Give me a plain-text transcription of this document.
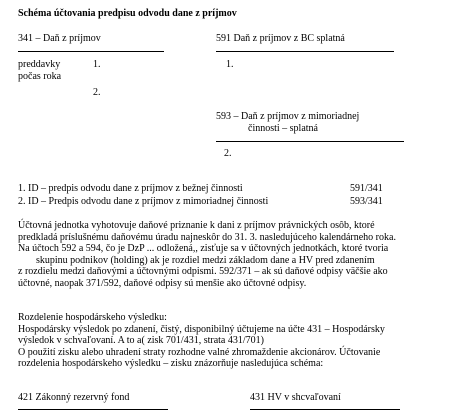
Schéma účtovania predpisu odvodu dane z príjmov
341 – Daň z príjmov
preddavky
počas roka
1.
2.
591 Daň z príjmov z BC splatná
1.
593 – Daň z príjmov z mimoriadnej
činnosti – splatná
2.
1. ID – predpis odvodu dane z príjmov z bežnej činnosti	591/341
2. ID – Predpis odvodu dane z príjmov z mimoriadnej činnosti	593/341
Účtovná jednotka vyhotovuje daňové priznanie k dani z príjmov právnických osôb, ktoré
predkladá príslušnému daňovému úradu najneskôr do 31. 3. nasledujúceho kalendárneho roka.
Na účtoch 592 a 594, čo je DzP ... odložená,, zisťuje sa v účtovných jednotkách, ktoré tvoria
skupinu podnikov (holding) ak je rozdiel medzi základom dane a HV pred zdanením
z rozdielu medzi daňovými a účtovnými odpismi. 592/371 – ak sú daňové odpisy väčšie ako
účtovné, naopak 371/592, daňové odpisy sú menšie ako účtovné odpisy.
Rozdelenie hospodárskeho výsledku:
Hospodársky výsledok po zdanení, čistý, disponibilný účtujeme na účte 431 – Hospodársky
výsledok v schvaľovaní. A to a( zisk 701/431, strata 431/701)
O použití zisku alebo uhradení straty rozhodne valné zhromaždenie akcionárov. Účtovanie
rozdelenia hospodárskeho výsledku – zisku znázorňuje nasledujúca schéma:
421 Zákonný rezervný fond	431 HV v shcvaľovaní
